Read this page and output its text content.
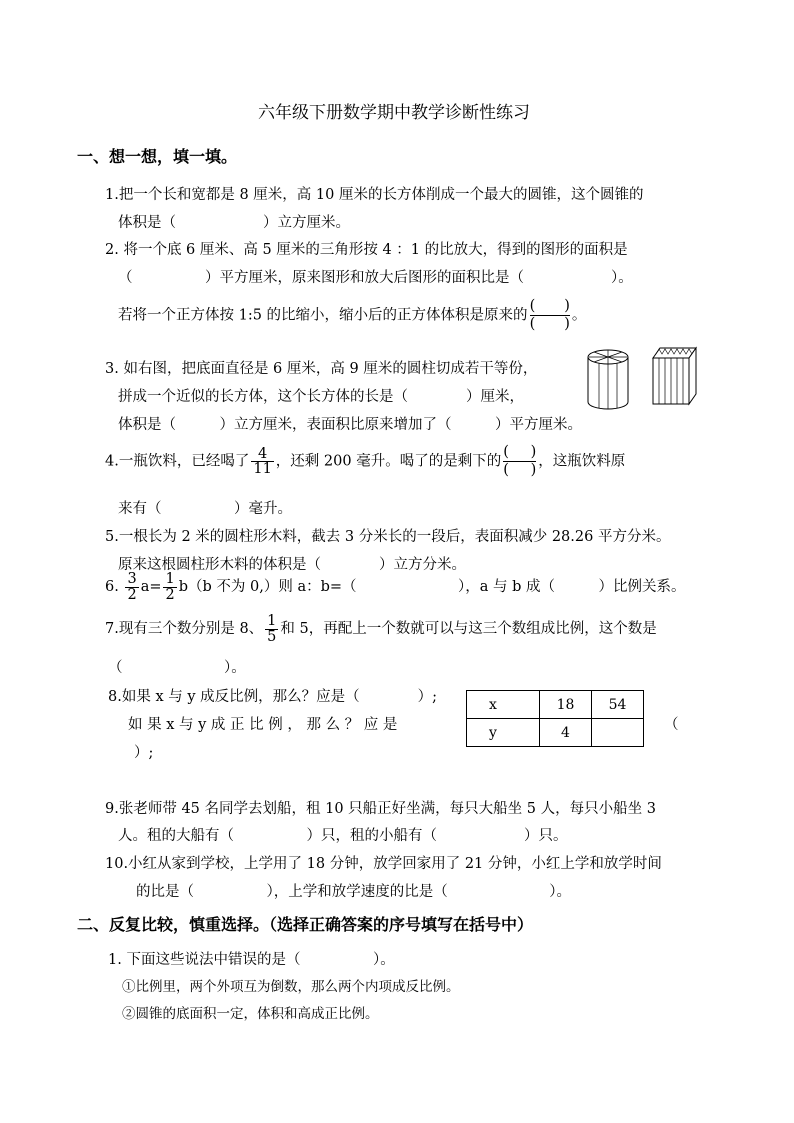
六年级下册数学期中教学诊断性练习
一、想一想，填一填。
1.把一个长和宽都是 8 厘米，高 10 厘米的长方体削成一个最大的圆锥，这个圆锥的
体积是（　　　　　　）立方厘米。
2. 将一个底 6 厘米、高 5 厘米的三角形按 4 ：1 的比放大，得到的图形的面积是
（　　　　　）平方厘米，原来图形和放大后图形的面积比是（　　　　　　）。
若将一个正方体按 1:5 的比缩小，缩小后的正方体体积是原来的
(   )
(   )
。
3. 如右图，把底面直径是 6 厘米，高 9 厘米的圆柱切成若干等份，
拼成一个近似的长方体，这个长方体的长是（　　　　）厘米，
体积是（　　　）立方厘米，表面积比原来增加了（　　　）平方厘米。
4.一瓶饮料，已经喝了 $\frac{4}{11}$ ，还剩 200 毫升。喝了的是剩下的
(   )
(   )
，这瓶饮料原
来有（　　　　　）毫升。
5.一根长为 2 米的圆柱形木料，截去 3 分米长的一段后，表面积减少 28.26 平方分米。
原来这根圆柱形木料的体积是（　　　　）立方分米。
6. $\frac{3}{2} a= \frac{1}{2} b(b$ 不为 0,）则 a：b=（　　　　　　　），a 与 b 成（　　　）比例关系。
7.现有三个数分别是 8、 $\frac{1}{5}$ 和 5，再配上一个数就可以与这三个数组成比例，这个数是
（　　　　　　　）。
8.如果 x 与 y 成反比例，那么？应是（　　　　）;
如 果 x 与 y 成 正 比 例 ， 那 么 ？ 应 是	（
）;
x	18	54
y	4	
9.张老师带 45 名同学去划船，租 10 只船正好坐满，每只大船坐 5 人，每只小船坐 3
人。租的大船有（　　　　　）只，租的小船有（　　　　　　）只。
10.小红从家到学校，上学用了 18 分钟，放学回家用了 21 分钟，小红上学和放学时间
的比是（　　　　　），上学和放学速度的比是（　　　　　　　）。
二、反复比较，慎重选择。（选择正确答案的序号填写在括号中）
1. 下面这些说法中错误的是（　　　　　）。
①比例里，两个外项互为倒数，那么两个内项成反比例。
②圆锥的底面积一定，体积和高成正比例。
